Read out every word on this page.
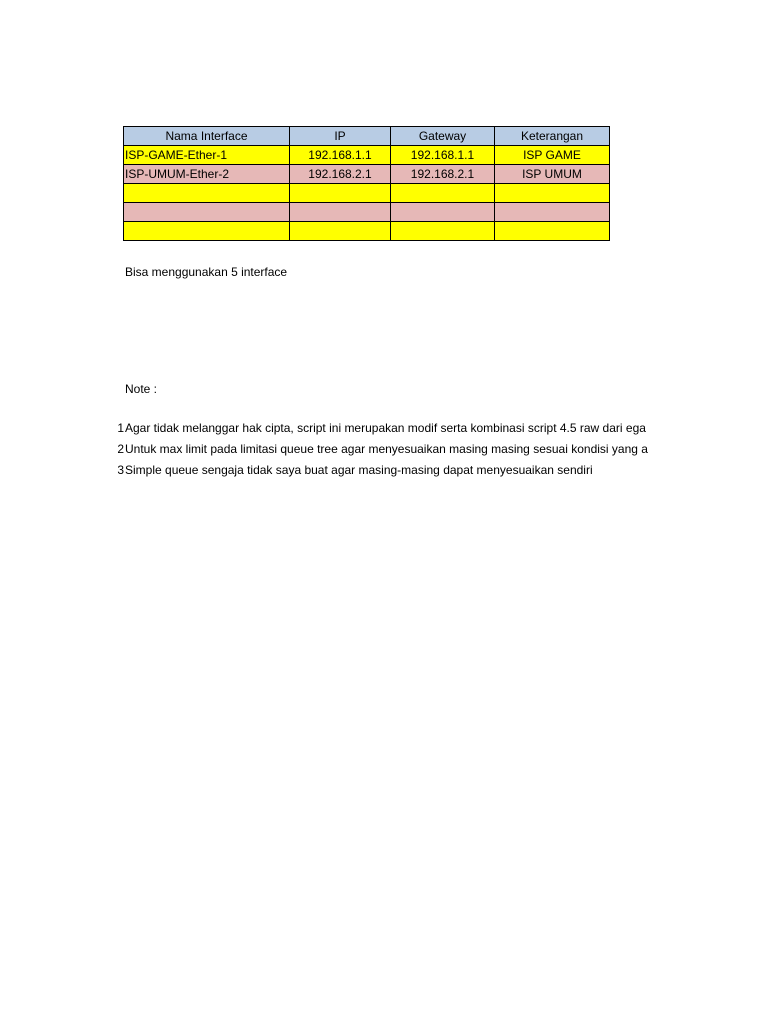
Nama Interface	IP	Gateway	Keterangan
ISP-GAME-Ether-1	192.168.1.1	192.168.1.1	ISP GAME
ISP-UMUM-Ether-2	192.168.2.1	192.168.2.1	ISP UMUM

Bisa menggunakan 5 interface
Note :
1 Agar tidak melanggar hak cipta, script ini merupakan modif serta kombinasi script 4.5 raw dari ega
2 Untuk max limit pada limitasi queue tree agar menyesuaikan masing masing sesuai kondisi yang a
3 Simple queue sengaja tidak saya buat agar masing-masing dapat menyesuaikan sendiri
